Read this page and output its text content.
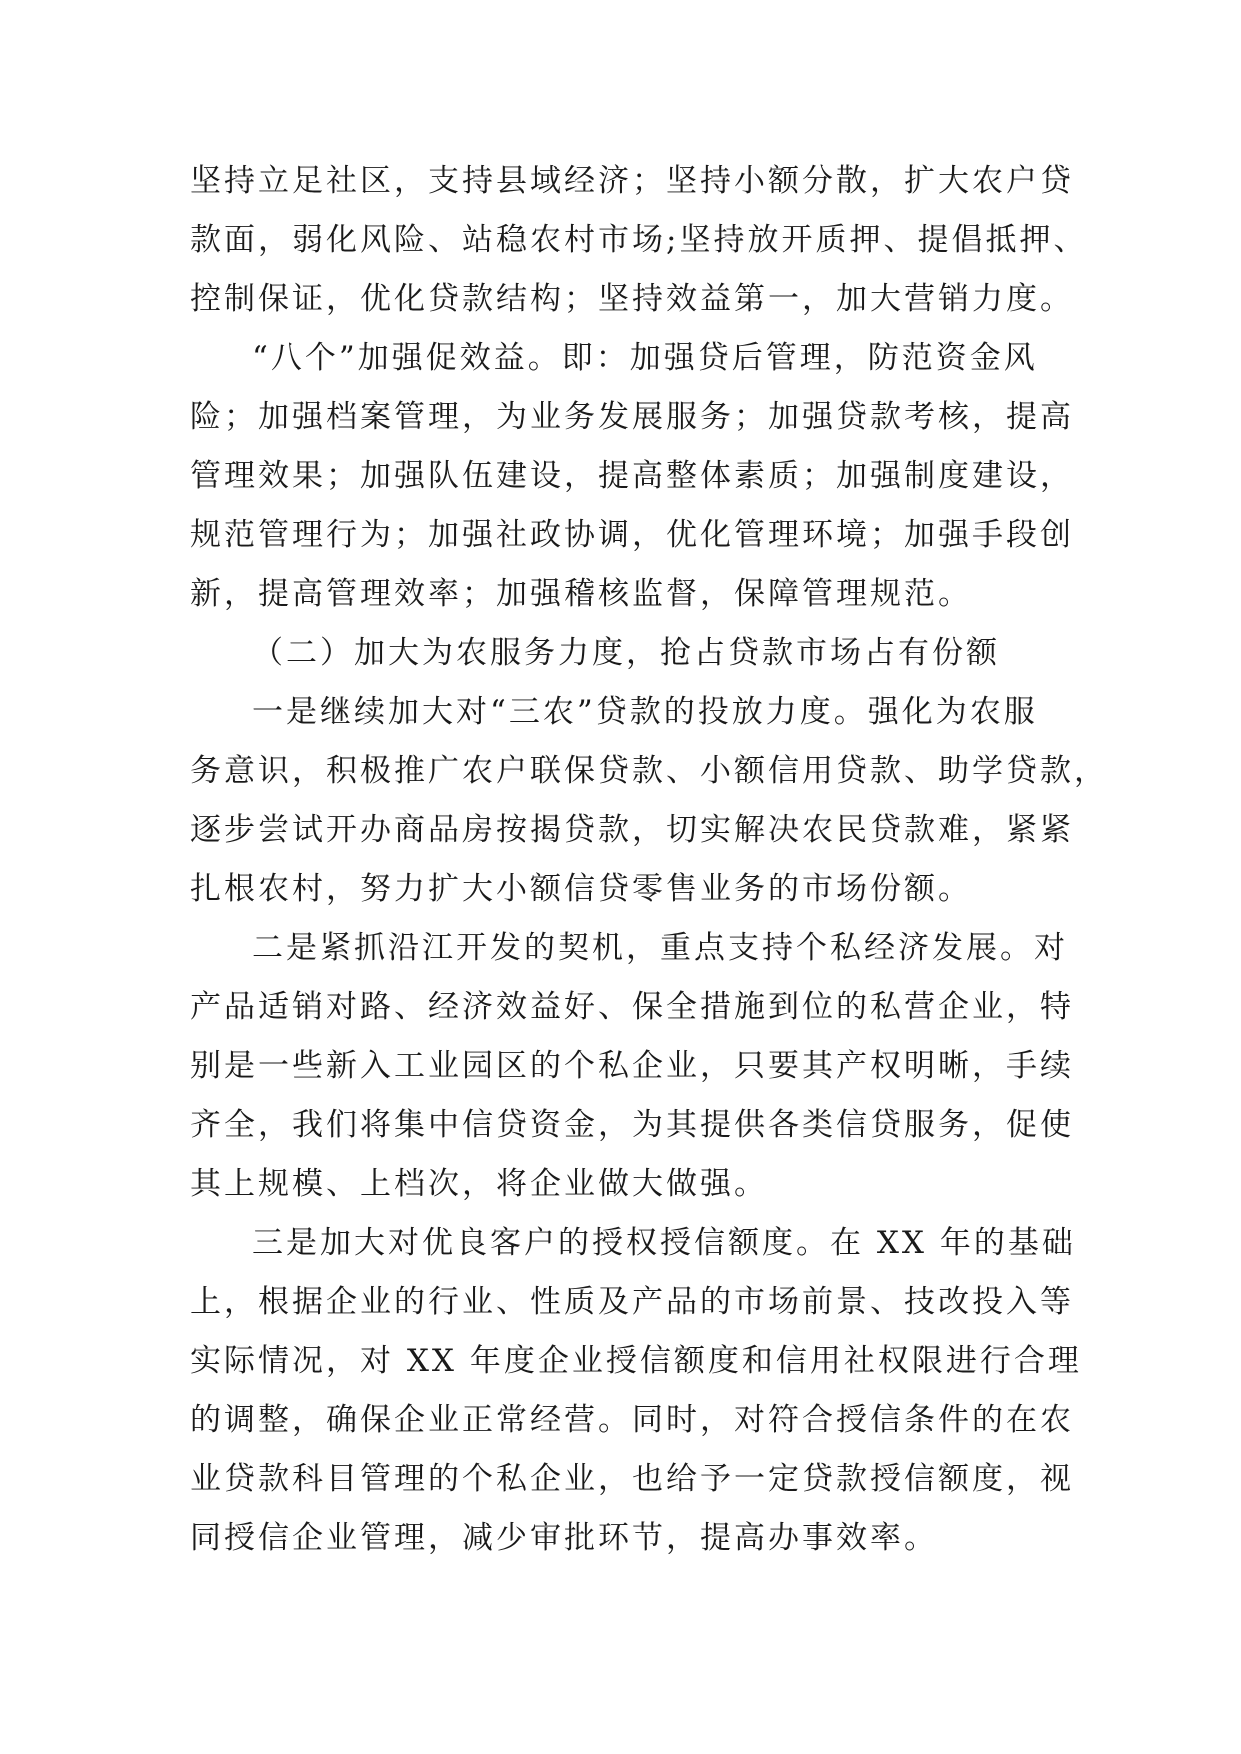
坚持立足社区，支持县域经济；坚持小额分散，扩大农户贷
款面，弱化风险、站稳农村市场;坚持放开质押、提倡抵押、
控制保证，优化贷款结构；坚持效益第一，加大营销力度。
“八个”加强促效益。即：加强贷后管理，防范资金风
险；加强档案管理，为业务发展服务；加强贷款考核，提高
管理效果；加强队伍建设，提高整体素质；加强制度建设，
规范管理行为；加强社政协调，优化管理环境；加强手段创
新，提高管理效率；加强稽核监督，保障管理规范。
（二）加大为农服务力度，抢占贷款市场占有份额
一是继续加大对“三农”贷款的投放力度。强化为农服
务意识，积极推广农户联保贷款、小额信用贷款、助学贷款，
逐步尝试开办商品房按揭贷款，切实解决农民贷款难，紧紧
扎根农村，努力扩大小额信贷零售业务的市场份额。
二是紧抓沿江开发的契机，重点支持个私经济发展。对
产品适销对路、经济效益好、保全措施到位的私营企业，特
别是一些新入工业园区的个私企业，只要其产权明晰，手续
齐全，我们将集中信贷资金，为其提供各类信贷服务，促使
其上规模、上档次，将企业做大做强。
三是加大对优良客户的授权授信额度。在 XX 年的基础
上，根据企业的行业、性质及产品的市场前景、技改投入等
实际情况，对 XX 年度企业授信额度和信用社权限进行合理
的调整，确保企业正常经营。同时，对符合授信条件的在农
业贷款科目管理的个私企业，也给予一定贷款授信额度，视
同授信企业管理，减少审批环节，提高办事效率。
